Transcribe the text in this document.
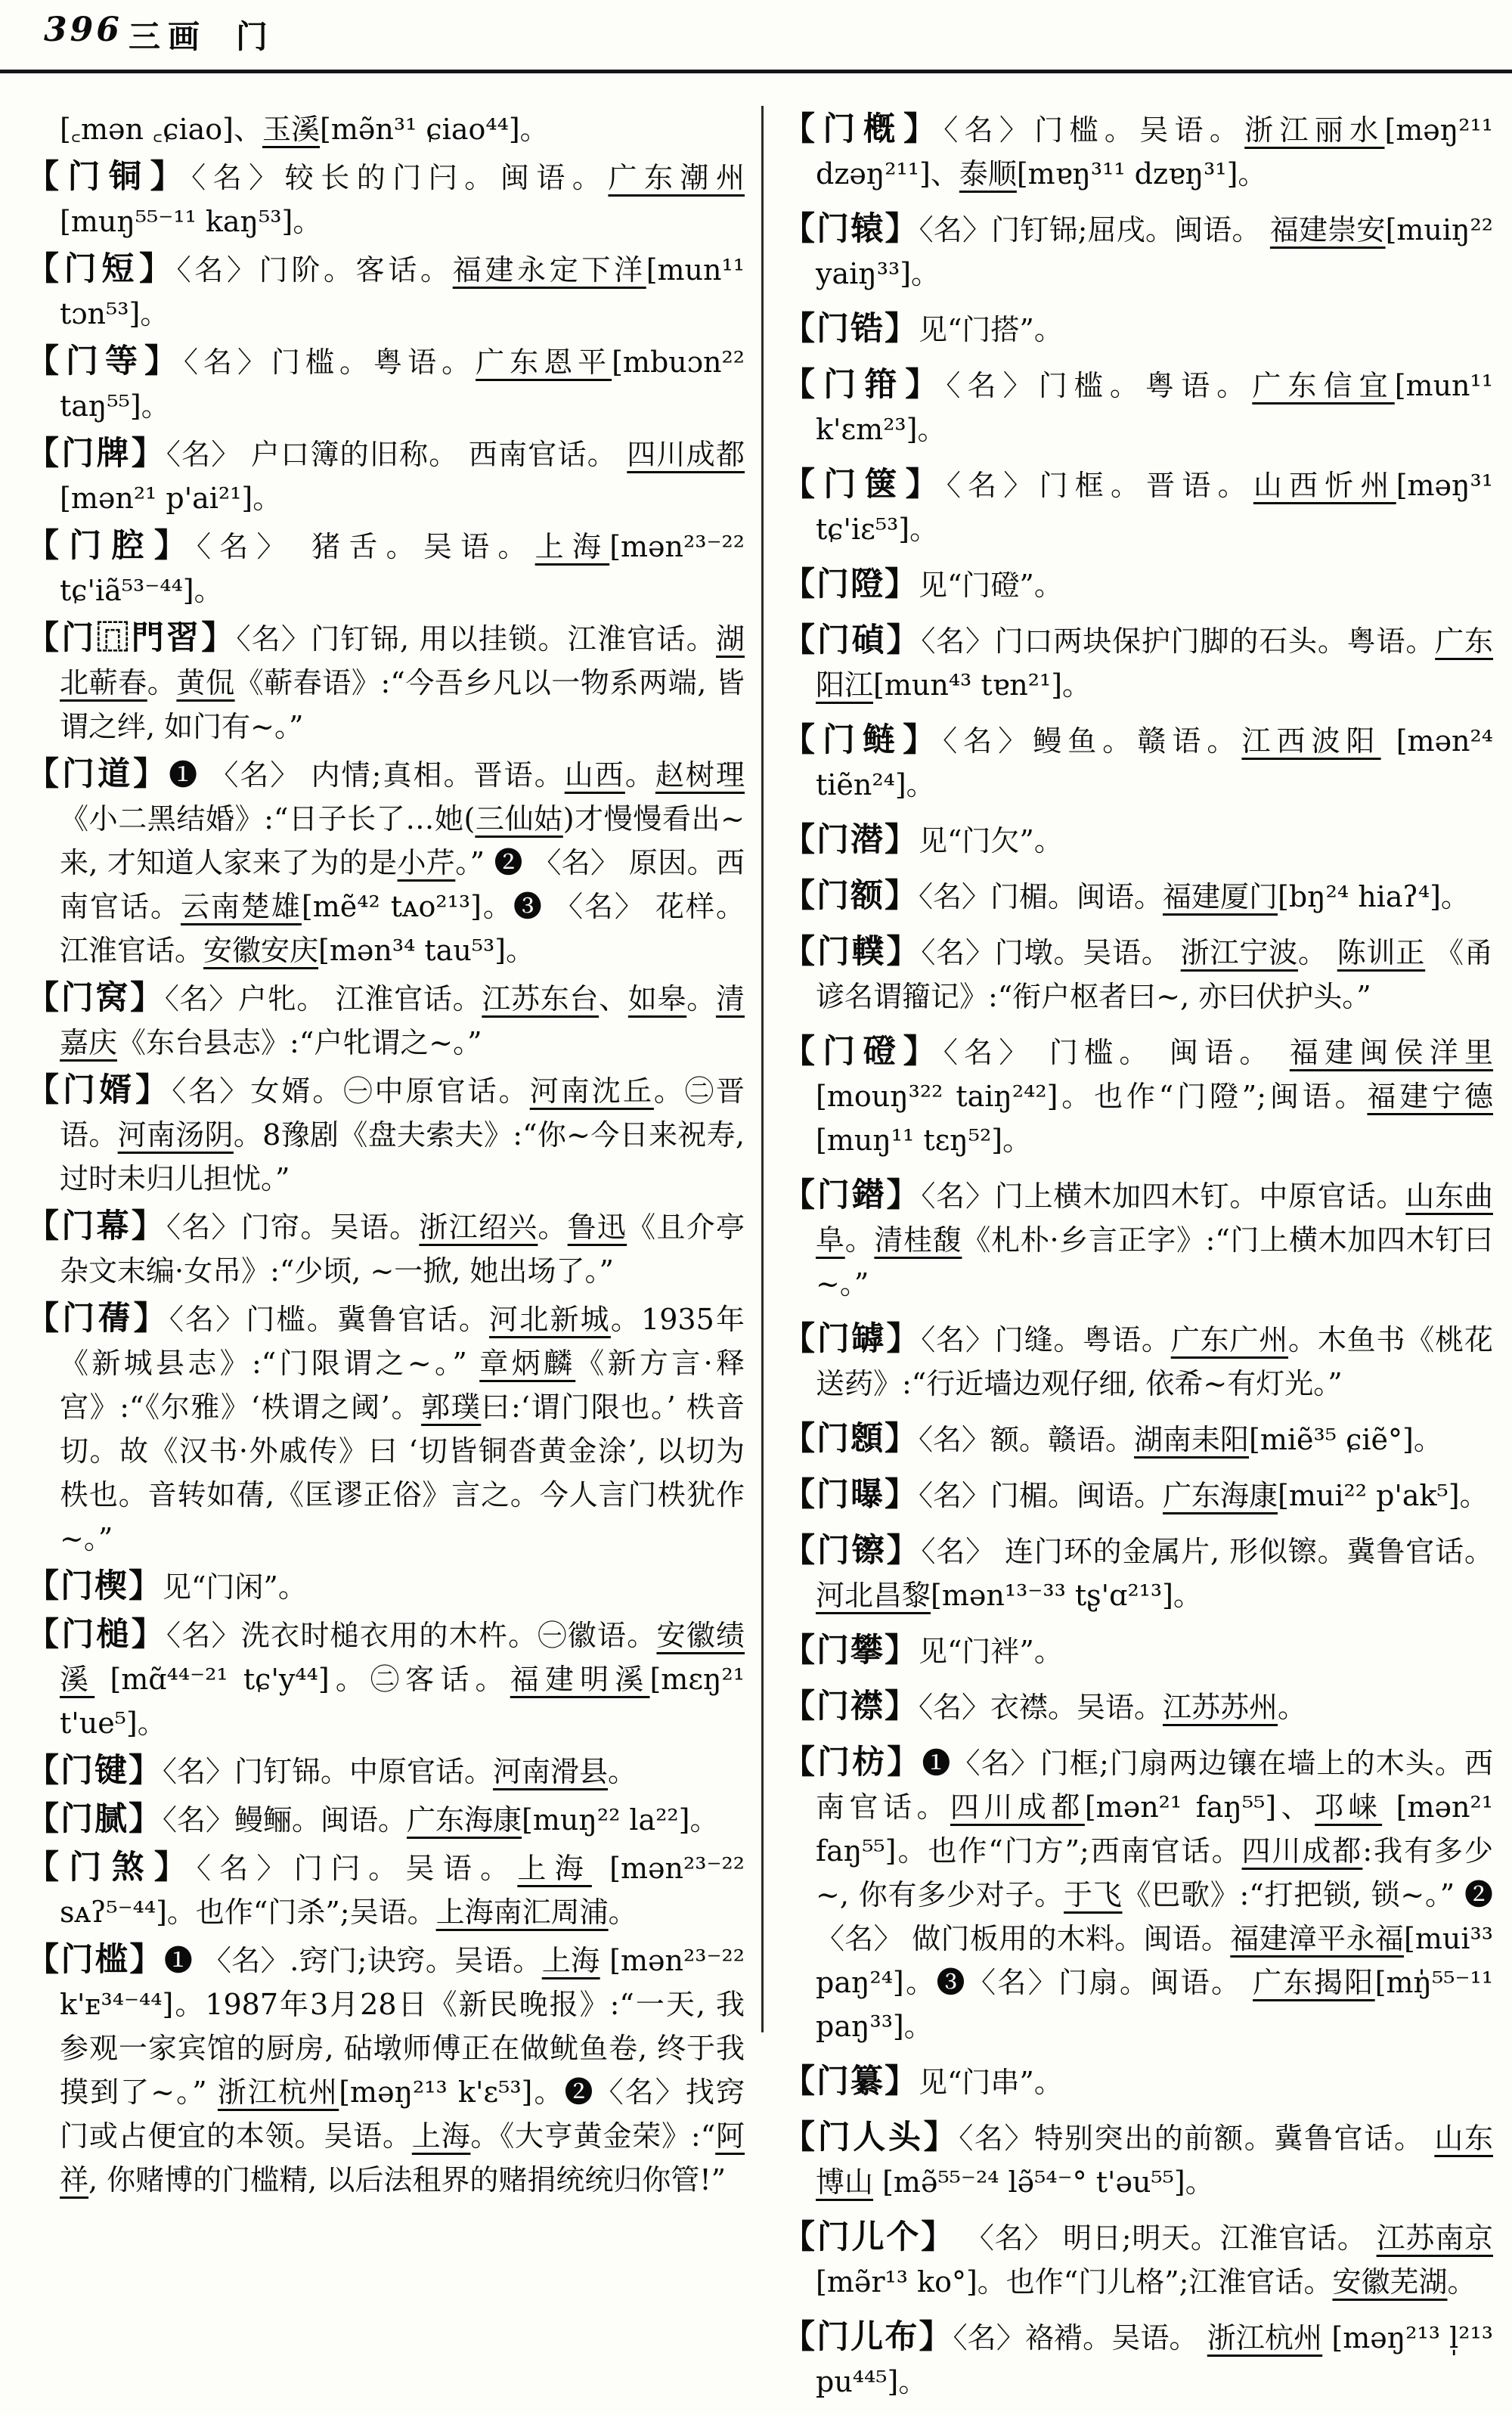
396 三画 门
[꜀mən ꜀ɕiao]、玉溪[mə̃n³¹ ɕiao⁴⁴]。
【门铜】〈名〉较长的门闩。闽语。广东潮州 [muŋ⁵⁵⁻¹¹ kaŋ⁵³]。
【门短】〈名〉门阶。客话。福建永定下洋[mun¹¹ tɔn⁵³]。
【门等】〈名〉门槛。粤语。广东恩平[mbuɔn²² taŋ⁵⁵]。
【门牌】〈名〉 户口簿的旧称。 西南官话。 四川成都 [mən²¹ p'ai²¹]。
【门腔】〈名〉 猪舌。吴语。上海[mən²³⁻²² tɕ'iã⁵³⁻⁴⁴]。
【门⿵門習】〈名〉门钉铞, 用以挂锁。江淮官话。湖北蕲春。黄侃《蕲春语》:“今吾乡凡以一物系两端, 皆谓之绊, 如门有~。”
【门道】❶ 〈名〉 内情;真相。晋语。山西。赵树理《小二黑结婚》:“日子长了…她(三仙姑)才慢慢看出~来, 才知道人家来了为的是小芹。” ❷ 〈名〉 原因。西南官话。云南楚雄[mẽ⁴² tᴀo²¹³]。❸ 〈名〉 花样。江淮官话。安徽安庆[mən³⁴ tau⁵³]。
【门窝】〈名〉户牝。 江淮官话。江苏东台、如皋。清嘉庆《东台县志》:“户牝谓之~。”
【门婿】〈名〉女婿。㊀中原官话。河南沈丘。㊁晋语。河南汤阴。8豫剧《盘夫索夫》:“你~今日来祝寿, 过时未归儿担忧。”
【门幕】〈名〉门帘。吴语。浙江绍兴。鲁迅《且介亭杂文末编·女吊》:“少顷, ~一掀, 她出场了。”
【门蒨】〈名〉门槛。冀鲁官话。河北新城。1935年《新城县志》:“门限谓之~。” 章炳麟《新方言·释宫》:“《尔雅》‘柣谓之阈’。郭璞曰:‘谓门限也。’ 柣音切。故《汉书·外戚传》曰 ‘切皆铜沓黄金涂’, 以切为柣也。音转如蒨,《匡谬正俗》言之。今人言门柣犹作~。”
【门楔】见“门闲”。
【门槌】〈名〉洗衣时槌衣用的木杵。㊀徽语。安徽绩溪 [mɑ̃⁴⁴⁻²¹ tɕ'y⁴⁴]。㊁客话。福建明溪[mɛŋ²¹ t'ue⁵]。
【门键】〈名〉门钉铞。中原官话。河南滑县。
【门腻】〈名〉鳗鲡。闽语。广东海康[muŋ²² la²²]。
【门煞】〈名〉门闩。吴语。上海 [mən²³⁻²² sᴀʔ⁵⁻⁴⁴]。也作“门杀”;吴语。上海南汇周浦。
【门槛】❶ 〈名〉.窍门;诀窍。吴语。上海 [mən²³⁻²² k'ᴇ³⁴⁻⁴⁴]。1987年3月28日《新民晚报》:“一天, 我参观一家宾馆的厨房, 砧墩师傅正在做鱿鱼卷, 终于我摸到了~。” 浙江杭州[məŋ²¹³ k'ɛ⁵³]。❷〈名〉找窍门或占便宜的本领。吴语。上海。《大亨黄金荣》:“阿祥, 你赌博的门槛精, 以后法租界的赌捐统统归你管!”
【门槪】〈名〉门槛。吴语。浙江丽水[məŋ²¹¹ dzəŋ²¹¹]、泰顺[mɐŋ³¹¹ dzɐŋ³¹]。
【门辕】〈名〉门钉铞;屈戌。闽语。 福建崇安[muiŋ²² yaiŋ³³]。
【门锆】见“门搭”。
【门箝】〈名〉门槛。粤语。广东信宜[mun¹¹ k'ɛm²³]。
【门箧】〈名〉门框。晋语。山西忻州[məŋ³¹ tɕ'iɛ⁵³]。
【门隥】见“门磴”。
【门碵】〈名〉门口两块保护门脚的石头。粤语。广东阳江[mun⁴³ tɐn²¹]。
【门鲢】〈名〉鳗鱼。赣语。江西波阳 [mən²⁴ tiẽn²⁴]。
【门潜】见“门欠”。
【门额】〈名〉门楣。闽语。福建厦门[bŋ²⁴ hiaʔ⁴]。
【门轐】〈名〉门墩。吴语。 浙江宁波。 陈训正 《甬谚名谓籀记》:“衔户枢者曰~, 亦曰伏护头。”
【门磴】〈名〉 门槛。 闽语。 福建闽侯洋里 [mouŋ³²² taiŋ²⁴²]。也作“门隥”;闽语。福建宁德[muŋ¹¹ tɛŋ⁵²]。
【门鐟】〈名〉门上横木加四木钉。中原官话。山东曲阜。清桂馥《札朴·乡言正字》:“门上横木加四木钉曰~。”
【门罅】〈名〉门缝。粤语。广东广州。木鱼书《桃花送药》:“行近墙边观仔细, 依希~有灯光。”
【门顖】〈名〉额。赣语。湖南耒阳[miẽ³⁵ ɕiẽ°]。
【门曝】〈名〉门楣。闽语。广东海康[mui²² p'ak⁵]。
【门镲】〈名〉 连门环的金属片, 形似镲。冀鲁官话。河北昌黎[mən¹³⁻³³ tʂ'ɑ²¹³]。
【门攀】见“门袢”。
【门襟】〈名〉衣襟。吴语。江苏苏州。
【门枋】❶〈名〉门框;门扇两边镶在墙上的木头。西南官话。四川成都[mən²¹ faŋ⁵⁵]、邛崃 [mən²¹ faŋ⁵⁵]。也作“门方”;西南官话。四川成都:我有多少~, 你有多少对子。于飞《巴歌》:“打把锁, 锁~。” ❷〈名〉 做门板用的木料。闽语。福建漳平永福[mui³³ paŋ²⁴]。❸〈名〉门扇。闽语。 广东揭阳[mŋ̍⁵⁵⁻¹¹ paŋ³³]。
【门纂】见“门串”。
【门人头】〈名〉特别突出的前额。冀鲁官话。 山东博山 [mə̃⁵⁵⁻²⁴ lə̃⁵⁴⁻° t'əu⁵⁵]。
【门儿个】 〈名〉 明日;明天。江淮官话。 江苏南京 [mə̃r¹³ ko°]。也作“门儿格”;江淮官话。安徽芜湖。
【门儿布】〈名〉袼褙。吴语。 浙江杭州 [məŋ²¹³ l̩²¹³ pu⁴⁴⁵]。
